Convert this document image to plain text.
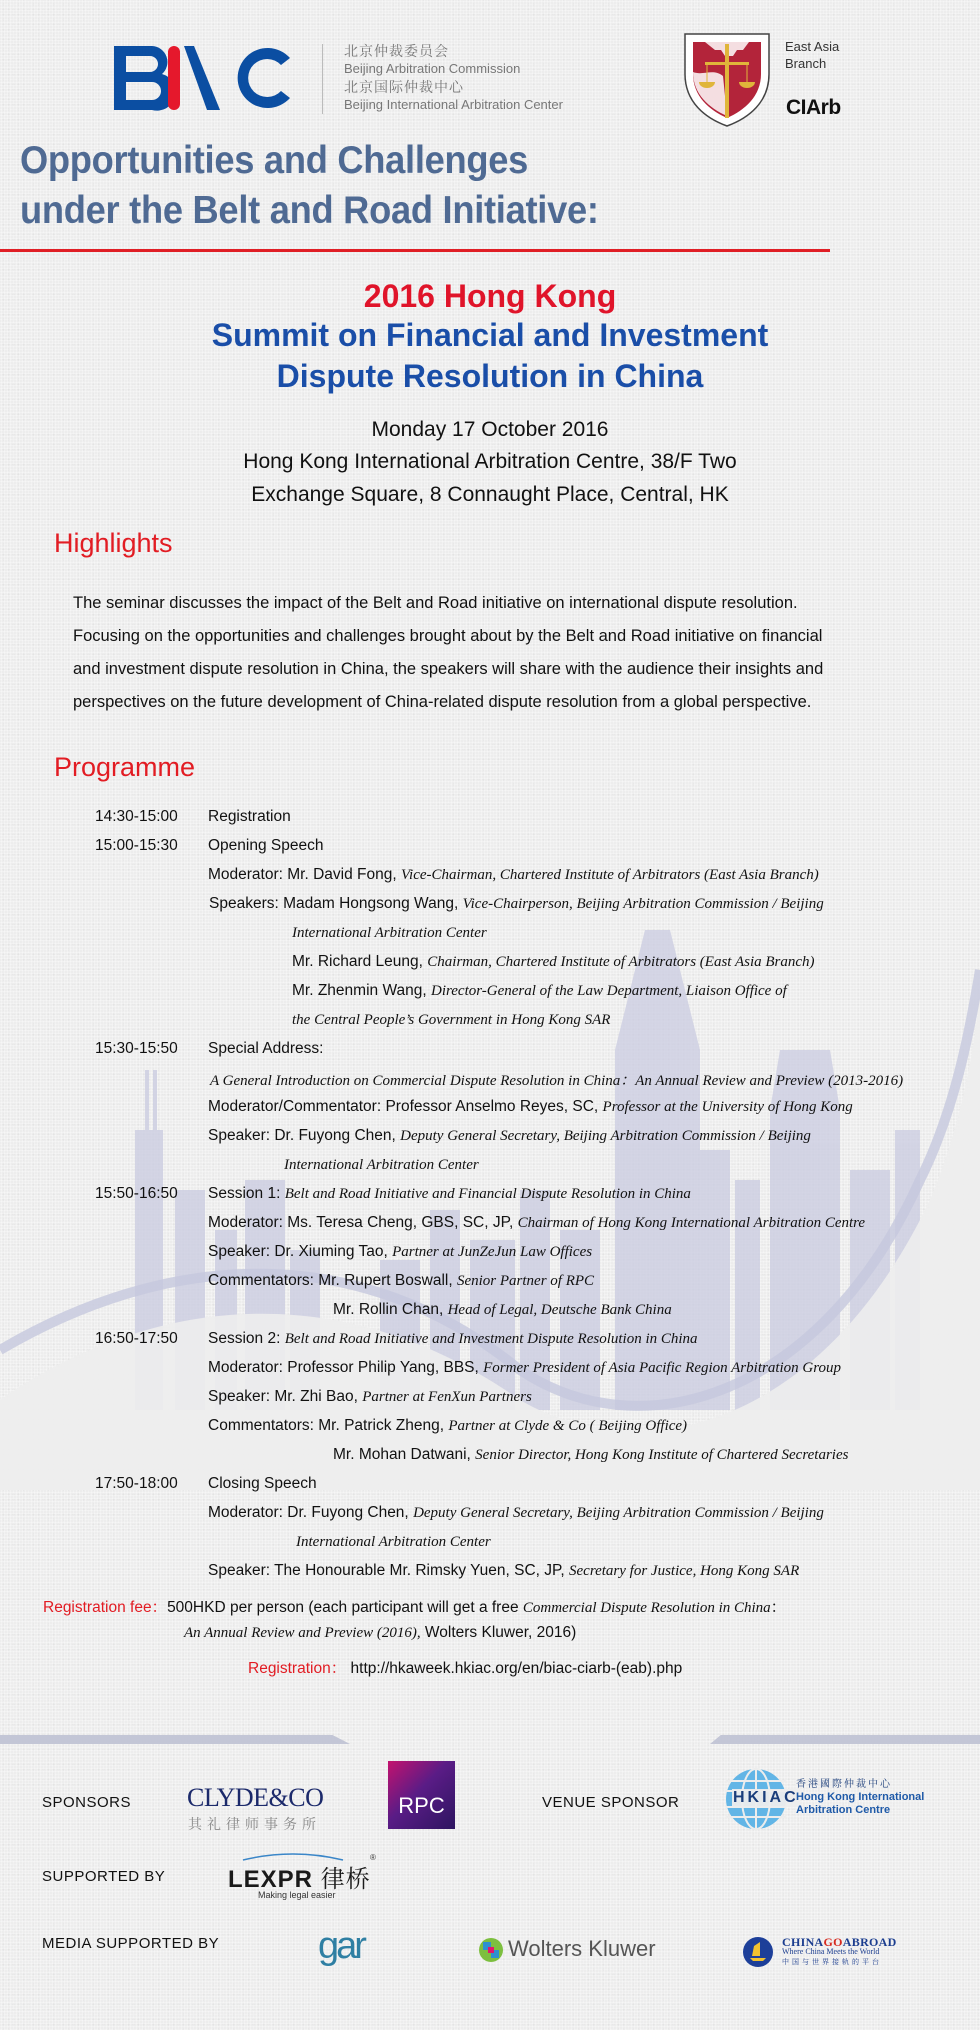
北京仲裁委员会
Beijing Arbitration Commission
北京国际仲裁中心
Beijing International Arbitration Center
East Asia
Branch
CIArb
Opportunities and Challenges
under the Belt and Road Initiative:
2016 Hong Kong
Summit on Financial and Investment
Dispute Resolution in China
Monday 17 October 2016
Hong Kong International Arbitration Centre, 38/F Two
Exchange Square, 8 Connaught Place, Central, HK
Highlights
The seminar discusses the impact of the Belt and Road initiative on international dispute resolution.
Focusing on the opportunities and challenges brought about by the Belt and Road initiative on financial
and investment dispute resolution in China, the speakers will share with the audience their insights and
perspectives on the future development of China-related dispute resolution from a global perspective.
Programme
14:30-15:00 Registration
15:00-15:30 Opening Speech
Moderator: Mr. David Fong, Vice-Chairman, Chartered Institute of Arbitrators (East Asia Branch)
Speakers: Madam Hongsong Wang, Vice-Chairperson, Beijing Arbitration Commission / Beijing
International Arbitration Center
Mr. Richard Leung, Chairman, Chartered Institute of Arbitrators (East Asia Branch)
Mr. Zhenmin Wang, Director-General of the Law Department, Liaison Office of
the Central People’s Government in Hong Kong SAR
15:30-15:50 Special Address:
A General Introduction on Commercial Dispute Resolution in China：An Annual Review and Preview (2013-2016)
Moderator/Commentator: Professor Anselmo Reyes, SC, Professor at the University of Hong Kong
Speaker: Dr. Fuyong Chen, Deputy General Secretary, Beijing Arbitration Commission / Beijing
International Arbitration Center
15:50-16:50 Session 1: Belt and Road Initiative and Financial Dispute Resolution in China
Moderator: Ms. Teresa Cheng, GBS, SC, JP, Chairman of Hong Kong International Arbitration Centre
Speaker: Dr. Xiuming Tao, Partner at JunZeJun Law Offices
Commentators: Mr. Rupert Boswall, Senior Partner of RPC
Mr. Rollin Chan, Head of Legal, Deutsche Bank China
16:50-17:50 Session 2: Belt and Road Initiative and Investment Dispute Resolution in China
Moderator: Professor Philip Yang, BBS, Former President of Asia Pacific Region Arbitration Group
Speaker: Mr. Zhi Bao, Partner at FenXun Partners
Commentators: Mr. Patrick Zheng, Partner at Clyde & Co ( Beijing Office)
Mr. Mohan Datwani, Senior Director, Hong Kong Institute of Chartered Secretaries
17:50-18:00 Closing Speech
Moderator: Dr. Fuyong Chen, Deputy General Secretary, Beijing Arbitration Commission / Beijing
International Arbitration Center
Speaker: The Honourable Mr. Rimsky Yuen, SC, JP, Secretary for Justice, Hong Kong SAR
Registration fee：500HKD per person (each participant will get a free Commercial Dispute Resolution in China：
An Annual Review and Preview (2016), Wolters Kluwer, 2016)
Registration： http://hkaweek.hkiac.org/en/biac-ciarb-(eab).php
SPONSORS CLYDE&CO
其礼律师事务所
RPC	VENUE SPONSOR	HKIAC
香港國際仲裁中心
Hong Kong International
Arbitration Centre
SUPPORTED BY	LEXPR 律桥
®
Making legal easier
MEDIA SUPPORTED BY	gar	Wolters Kluwer	CHINAGOABROAD
Where China Meets the World
中国与世界接轨的平台
